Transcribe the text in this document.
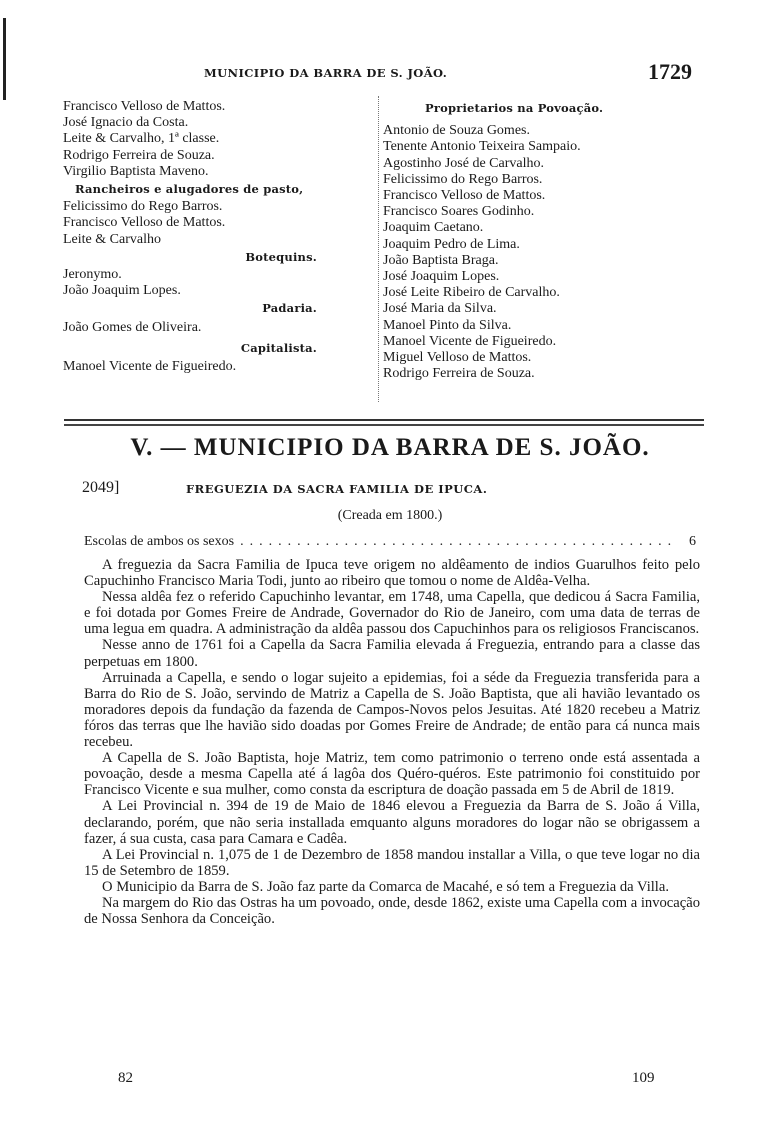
MUNICIPIO DA BARRA DE S. JOÃO.	1729
Francisco Velloso de Mattos.
José Ignacio da Costa.
Leite & Carvalho, 1ª classe.
Rodrigo Ferreira de Souza.
Virgilio Baptista Maveno.
Rancheiros e alugadores de pasto,
Felicissimo do Rego Barros.
Francisco Velloso de Mattos.
Leite & Carvalho
Botequins.
Jeronymo.
João Joaquim Lopes.
Padaria.
João Gomes de Oliveira.
Capitalista.
Manoel Vicente de Figueiredo.
Proprietarios na Povoação.
Antonio de Souza Gomes.
Tenente Antonio Teixeira Sampaio.
Agostinho José de Carvalho.
Felicissimo do Rego Barros.
Francisco Velloso de Mattos.
Francisco Soares Godinho.
Joaquim Caetano.
Joaquim Pedro de Lima.
João Baptista Braga.
José Joaquim Lopes.
José Leite Ribeiro de Carvalho.
José Maria da Silva.
Manoel Pinto da Silva.
Manoel Vicente de Figueiredo.
Miguel Velloso de Mattos.
Rodrigo Ferreira de Souza.
V. — MUNICIPIO DA BARRA DE S. JOÃO.
2049]	FREGUEZIA DA SACRA FAMILIA DE IPUCA.
(Creada em 1800.)
Escolas de ambos os sexos .............................................. 6

A freguezia da Sacra Familia de Ipuca teve origem no aldêamento de indios Guarulhos feito pelo Capuchinho Francisco Maria Todi, junto ao ribeiro que tomou o nome de Aldêa-Velha.

Nessa aldêa fez o referido Capuchinho levantar, em 1748, uma Capella, que dedicou á Sacra Familia, e foi dotada por Gomes Freire de Andrade, Governador do Rio de Janeiro, com uma data de terras de uma legua em quadra. A administração da aldêa passou dos Capuchinhos para os religiosos Franciscanos.

Nesse anno de 1761 foi a Capella da Sacra Familia elevada á Freguezia, entrando para a classe das perpetuas em 1800.

Arruinada a Capella, e sendo o logar sujeito a epidemias, foi a séde da Freguezia transferida para a Barra do Rio de S. João, servindo de Matriz a Capella de S. João Baptista, que ali havião levantado os moradores depois da fundação da fazenda de Campos-Novos pelos Jesuitas. Até 1820 recebeu a Matriz fóros das terras que lhe havião sido doadas por Gomes Freire de Andrade; de então para cá nunca mais recebeu.

A Capella de S. João Baptista, hoje Matriz, tem como patrimonio o terreno onde está assentada a povoação, desde a mesma Capella até á lagôa dos Quéro-quéros. Este patrimonio foi constituido por Francisco Vicente e sua mulher, como consta da escriptura de doação passada em 5 de Abril de 1819.

A Lei Provincial n. 394 de 19 de Maio de 1846 elevou a Freguezia da Barra de S. João á Villa, declarando, porém, que não seria installada emquanto alguns moradores do logar não se obrigassem a fazer, á sua custa, casa para Camara e Cadêa.

A Lei Provincial n. 1,075 de 1 de Dezembro de 1858 mandou installar a Villa, o que teve logar no dia 15 de Setembro de 1859.

O Municipio da Barra de S. João faz parte da Comarca de Macahé, e só tem a Freguezia da Villa.

Na margem do Rio das Ostras ha um povoado, onde, desde 1862, existe uma Capella com a invocação de Nossa Senhora da Conceição.

82	109
